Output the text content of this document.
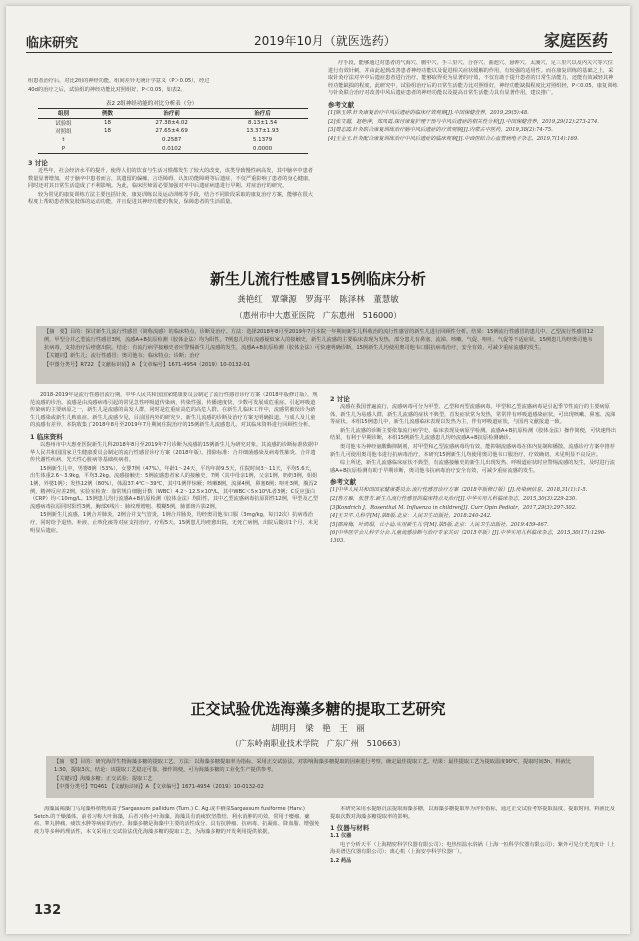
临床研究	2019年10月（就医选药）	家庭医药

组患者治疗后，对比2组的神经功能，组间差异无统计学意义（P＞0.05），经过

40d的治疗之后，试验组的神经功能比对照组好，P＜0.05，如表2。

表2 2组神经功能的对比分析表（分）
组别	例数	治疗前	治疗后
试验组	18	27.38±4.02	8.13±1.54
对照组	18	27.65±4.69	13.37±1.93
t		0.2587	5.1379
P		0.0102	0.0000
3 讨论

近些年，社会经济水平的提升，使得人们的饮食与生活习惯都发生了较大的改变，该类导致慢性病高发，其中脑卒中患者数量显著增加，对于脑卒中患者而言，其遗留的偏瘫、言语障碍、认知功能障碍等后遗症，不仅严重影响了患者的身心健康，同时还对其日常生活造成了不利影响。为此，临床医师需必要加强对卒中后遗症病患进行早期、对症治疗的研究。

较为常见的康复训练方法主要包括针灸、康复训练以及运动训练等手段，结合不同阶段采取的康复治疗方案，能够在很大程度上帮助患者恢复肢体的运动功能，并且促进其神经功能的恢复，保障患者的生活质量。

疗手段，能够通过对患者的气海穴、膻中穴、手三里穴、合谷穴、曲池穴、悬钟穴、太溪穴、足三里穴以及内关穴等穴位进行有效针刺，并由此起到改善患者神经功能以及促进相关症状缓解的作用，有较强的适用性。而在康复训练的基础之上，采取针灸疗法对卒中后遗症患者进行治疗，能够取得更为显著的疗效，不仅有助于提升患者的日常生活能力，还能有效减轻其神经功能缺损的程度，此研究中，试验组治疗后的日常生活能力比对照组好，神经功能缺损程度比对照组轻，P＜0.05，康复训练与针灸联合治疗对改善中风后遗症患者的神经功能以及提高日常生活能力具有显著作用，建议推广。

参考文献

[1]陈玉婷.针灸康复治疗中风后遗症的临床疗效观察[J].中国保健营养，2019,29(5):48.

[2]张文超，赵艳萍，郑凤霞.探讨康复护理干预与中风后遗症的相关性分析[J].中国保健营养，2019,29(12):273-274.

[3]周志霞.针灸联合康复训练治疗脑中风后遗症的疗效观察[J].内蒙古中医药，2019,38(2):74-75.

[4]王金玉.针灸配合康复训练治疗中风后遗症的临床观察[J].中西医结合心血管病电子杂志，2019,7(14):169.

新生儿流行性感冒15例临床分析
龚艳红　覃肇源　罗海平　陈泽林　董慧敏
（惠州市中大惠亚医院　广东惠州　516000）
【摘　要】目的：探讨新生儿流行性感冒（简称流感）的临床特点、诊断及治疗。方法：选择2018年8月至2019年7月本院一年期间新生儿科收治的流行性感冒的新生儿进行回顾性分析。结果：15例流行性感冒的患儿中，乙型流行性感冒12例，甲型合并乙型流行性感冒3例，流感A+B抗原检测（胶体金法）均为阳性。7例患儿均有流感疑似家人的接触史，新生儿流感的主要临床表现为发热，部分患儿有鼻塞、流涕、咳嗽、气促、呕吐、气促等不适症状，15例患儿均经奥司他韦抗病毒，支持治疗后痊愈出院。结论：有流行病学接触史者应警惕新生儿流感的发生，流感A+B抗原检测（胶体金法）可快速明确诊断，15例新生儿均使用奥司他韦口服抗病毒治疗，安全有效，可减少重症流感的发生。
【关键词】新生儿；流行性感冒；奥司他韦；临床特点；诊断；治疗
【中图分类号】R722 【文献标识码】A 【文章编号】1671-4954（2019）10-0132-01

2018-2019年是流行性感冒流行期，中华人民共和国国家健康委员会制定了流行性感冒诊疗方案（2018年版修订版），规范流感的诊治。流感是由流感病毒引起的常见急性呼吸道传染病，传染性强，传播速度快，少数可发展成危重症。引起呼吸道传染病的主要病原之一，新生儿是流感的高发人群，同时是危重症高危的高危人群。在新生儿临床工作中，流感常被误诊为新生儿感染或新生儿败血症，新生儿流感少见，目前国内外的研究少，新生儿流感的诊断及治疗方案无明确报道。与成人及儿童的流感有差异，本院收集了2018年8月至2019年7月期间住院治疗的15例新生儿流感患儿，对其临床资料进行回顾性分析。

1 临床资料

以惠州市中大惠亚医院新生儿科2018年8月至2019年7月诊断为流感的15例新生儿为研究对象。其流感的诊断标准依据中华人民共和国国家卫生健康委员会制定的流行性感冒诊疗方案（2018年版）。排除标准：合并细菌感染及病毒性肺炎、合并遗传代谢性疾病、先天性心脏病等基础疾病者。

15例新生儿中，男婴8例（53%），女婴7例（47%）。年龄1～24天，平均年龄9.5天，住院时间3～11天，平均5.6天，出生体重2.6～3.9kg，平均3.2kg。流感接触史：5例流感患者家人的接触史，7例（其中母亲1例，父亲1例，奶奶3例，姐姐1例，外婆1例）；发热12例（80%），体温37.4℃～39℃，其中1例伴惊厥；咳嗽8例，流涕4例，鼻塞6例；呕吐3例，腹泻2例，精神反应差2例。实验室检查：血常规白细胞计数（WBC）4.2～12.5×10⁹/L，其中WBC＜5×10⁹/L者3例；C反应蛋白（CRP）均＜10mg/L。15例患儿均行流感A+B抗原检测（胶体金法）均阳性，其中乙型流感病毒抗原阳性12例，甲型及乙型流感病毒抗原同时阳性3例。胸部X线片：肺纹理增粗、模糊5例，肺部斑片影2例。

15例新生儿流感，1例合并肺炎，2例合并支气管炎，1例合并肠炎，均经奥司他韦口服（3mg/kg，每日2次）抗病毒治疗，同时给予退热、补液、止咳化痰等对症支持治疗，疗程5天。15例患儿均痊愈出院，无死亡病例，出院后随访1个月，未见明显后遗症。

2 讨论

流感在我国普遍流行，流感病毒可分为甲型、乙型和丙型流感病毒。甲型和乙型流感病毒是引起季节性流行的主要病原体，新生儿为易感人群，新生儿流感的症状不典型，首发症状常为发热，常常伴有呼吸道感染症状，可出现咳嗽、鼻塞、流涕等症状。本组15例患儿中，新生儿流感临床表现以发热为主，伴有呼吸道症状，与国内文献报道一致。

新生儿流感的诊断主要依靠流行病学史、临床表现及病原学检测。流感A+B抗原检测（胶体金法）操作简便，可快速得出结果，有利于早期诊断，本组15例新生儿流感患儿均经流感A+B抗原检测确诊。

奥司他韦为神经氨酸酶抑制剂，对甲型和乙型流感病毒均有效，能抑制流感病毒在体内复制和播散。流感诊疗方案中推荐新生儿可使用奥司他韦进行抗病毒治疗，本研究15例新生儿均使用奥司他韦口服治疗，疗效确切，未见明显不良反应。

综上所述，新生儿流感临床症状不典型，有流感接触史的新生儿出现发热、呼吸道症状时应警惕流感的发生，及时进行流感A+B抗原检测有助于早期诊断，奥司他韦抗病毒治疗安全有效，可减少重症流感的发生。

参考文献

[1]中华人民共和国国家健康委员会.流行性感冒诊疗方案（2018年版修订版）[J].传染病信息，2018,31(1):1-5.

[2]鲁方雁，张慧芳.新生儿流行性感冒的临床特点及治疗[J].中华实用儿科临床杂志，2015,30(3):229-230.

[3]Kondrich J，Rosenthal M. Influenza in children[J]. Curr Opin Pediatr，2017,29(3):297-302.

[4]王卫平.儿科学[M].第8版.北京：人民卫生出版社，2018:240-242.

[5]邵肖梅，叶鸿瑁，丘小汕.实用新生儿学[M].第5版.北京：人民卫生出版社，2019:459-467.

[6]中华医学会儿科学分会.儿童流感诊断与治疗专家共识（2015年版）[J].中华实用儿科临床杂志，2015,30(17):1296-1303.

正交试验优选海藻多糖的提取工艺研究
胡明月　梁　艳　王　丽
（广东岭南职业技术学院　广东广州　510663）
【摘　要】目的：研究海洋生物海藻多糖的提取工艺。方法：以海藻多糖提取率为指标，采用正交试验法，对影响海藻多糖提取的因素进行考察，确定最佳提取工艺。结果：最佳提取工艺为提取温度90℃，提取时间3h，料液比1:30，提取3次。结论：该提取工艺稳定可靠，操作简便，可为海藻多糖的工业化生产提供参考。
【关键词】海藻多糖；正交试验；提取工艺
【中图分类号】TQ461 【文献标识码】A 【文章编号】1671-4954（2019）10-0132-02

海藻属褐藻门马尾藻科植物海蒿子Sargassum pallidum (Turn.) C. Ag.或羊栖菜Sargassum fusiforme (Harv.) Setch.的干燥藻体，前者习称大叶海藻，后者习称小叶海藻。海藻具有消痰软坚散结、利水消肿的功效，常用于瘿瘤、瘰疬、睾丸肿痛、痰饮水肿等病症的治疗。海藻多糖是海藻中主要的活性成分，具有抗肿瘤、抗病毒、抗凝血、降血脂、增强免疫力等多种药理活性，本文采用正交试验法优化海藻多糖的提取工艺，为海藻多糖的开发利用提供依据。

本研究采用水提醇沉法提取海藻多糖，以海藻多糖提取率为评价指标，通过正交试验考察提取温度、提取时间、料液比及提取次数对海藻多糖提取率的影响。

1 仪器与材料

1.1 仪器

电子分析天平（上海精密科学仪器有限公司）；电热恒温水浴锅（上海一恒科学仪器有限公司）；紫外可见分光光度计（上海美谱达仪器有限公司）；离心机（上海安亭科学仪器厂）。

1.2 药品

132
